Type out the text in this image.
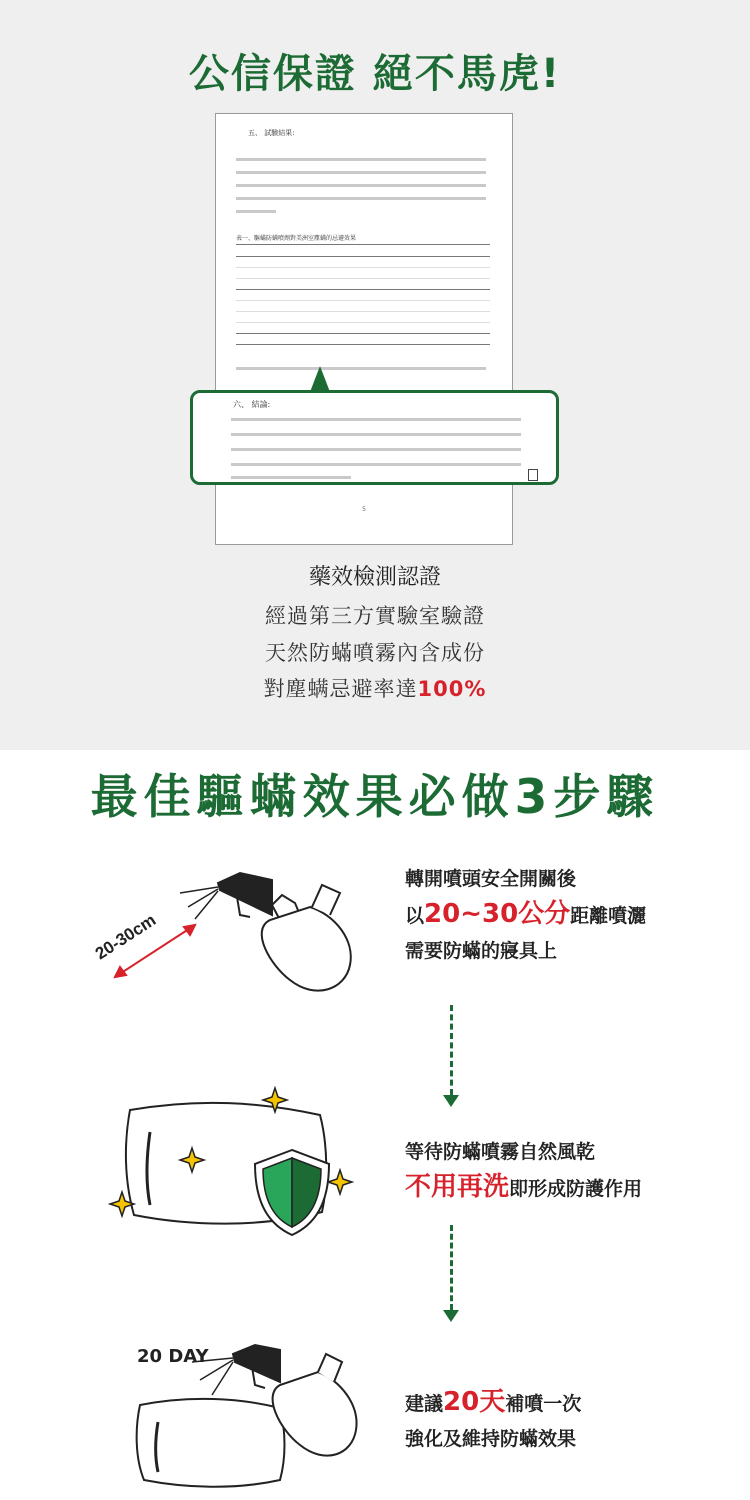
公信保證 絕不馬虎!
五、 試驗結果:
表一、驅蟎防螨噴劑對美洲室塵螨的忌避效果
5
六、 結論:
藥效檢測認證
經過第三方實驗室驗證
天然防蟎噴霧內含成份
對塵螨忌避率達100%
最佳驅蟎效果必做3步驟
20-30cm
轉開噴頭安全開關後
以20~30公分距離噴灑
需要防蟎的寢具上
等待防蟎噴霧自然風乾
不用再洗即形成防護作用
20 DAY
建議20天補噴一次
強化及維持防蟎效果
